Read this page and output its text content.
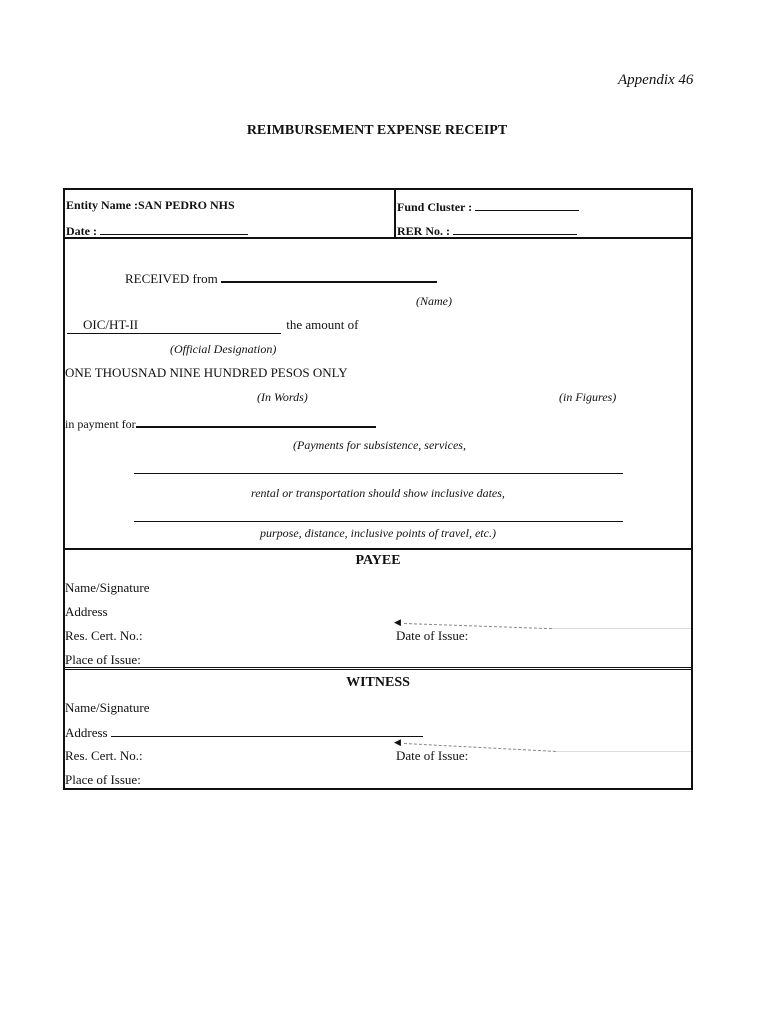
Appendix 46
REIMBURSEMENT EXPENSE RECEIPT
Entity Name :SAN PEDRO NHS
Date :
Fund Cluster :
RER No. :
RECEIVED from
(Name)
OIC/HT-II	the amount of
(Official Designation)
ONE THOUSNAD NINE HUNDRED PESOS ONLY
(In Words)	(in Figures)
in payment for
(Payments for subsistence, services,
rental or transportation should show inclusive dates,
purpose, distance, inclusive points of travel, etc.)
PAYEE
Name/Signature
Address
◀
Res. Cert. No.:	Date of Issue:
Place of Issue:
WITNESS
Name/Signature
Address
◀
Res. Cert. No.:	Date of Issue:
Place of Issue:
